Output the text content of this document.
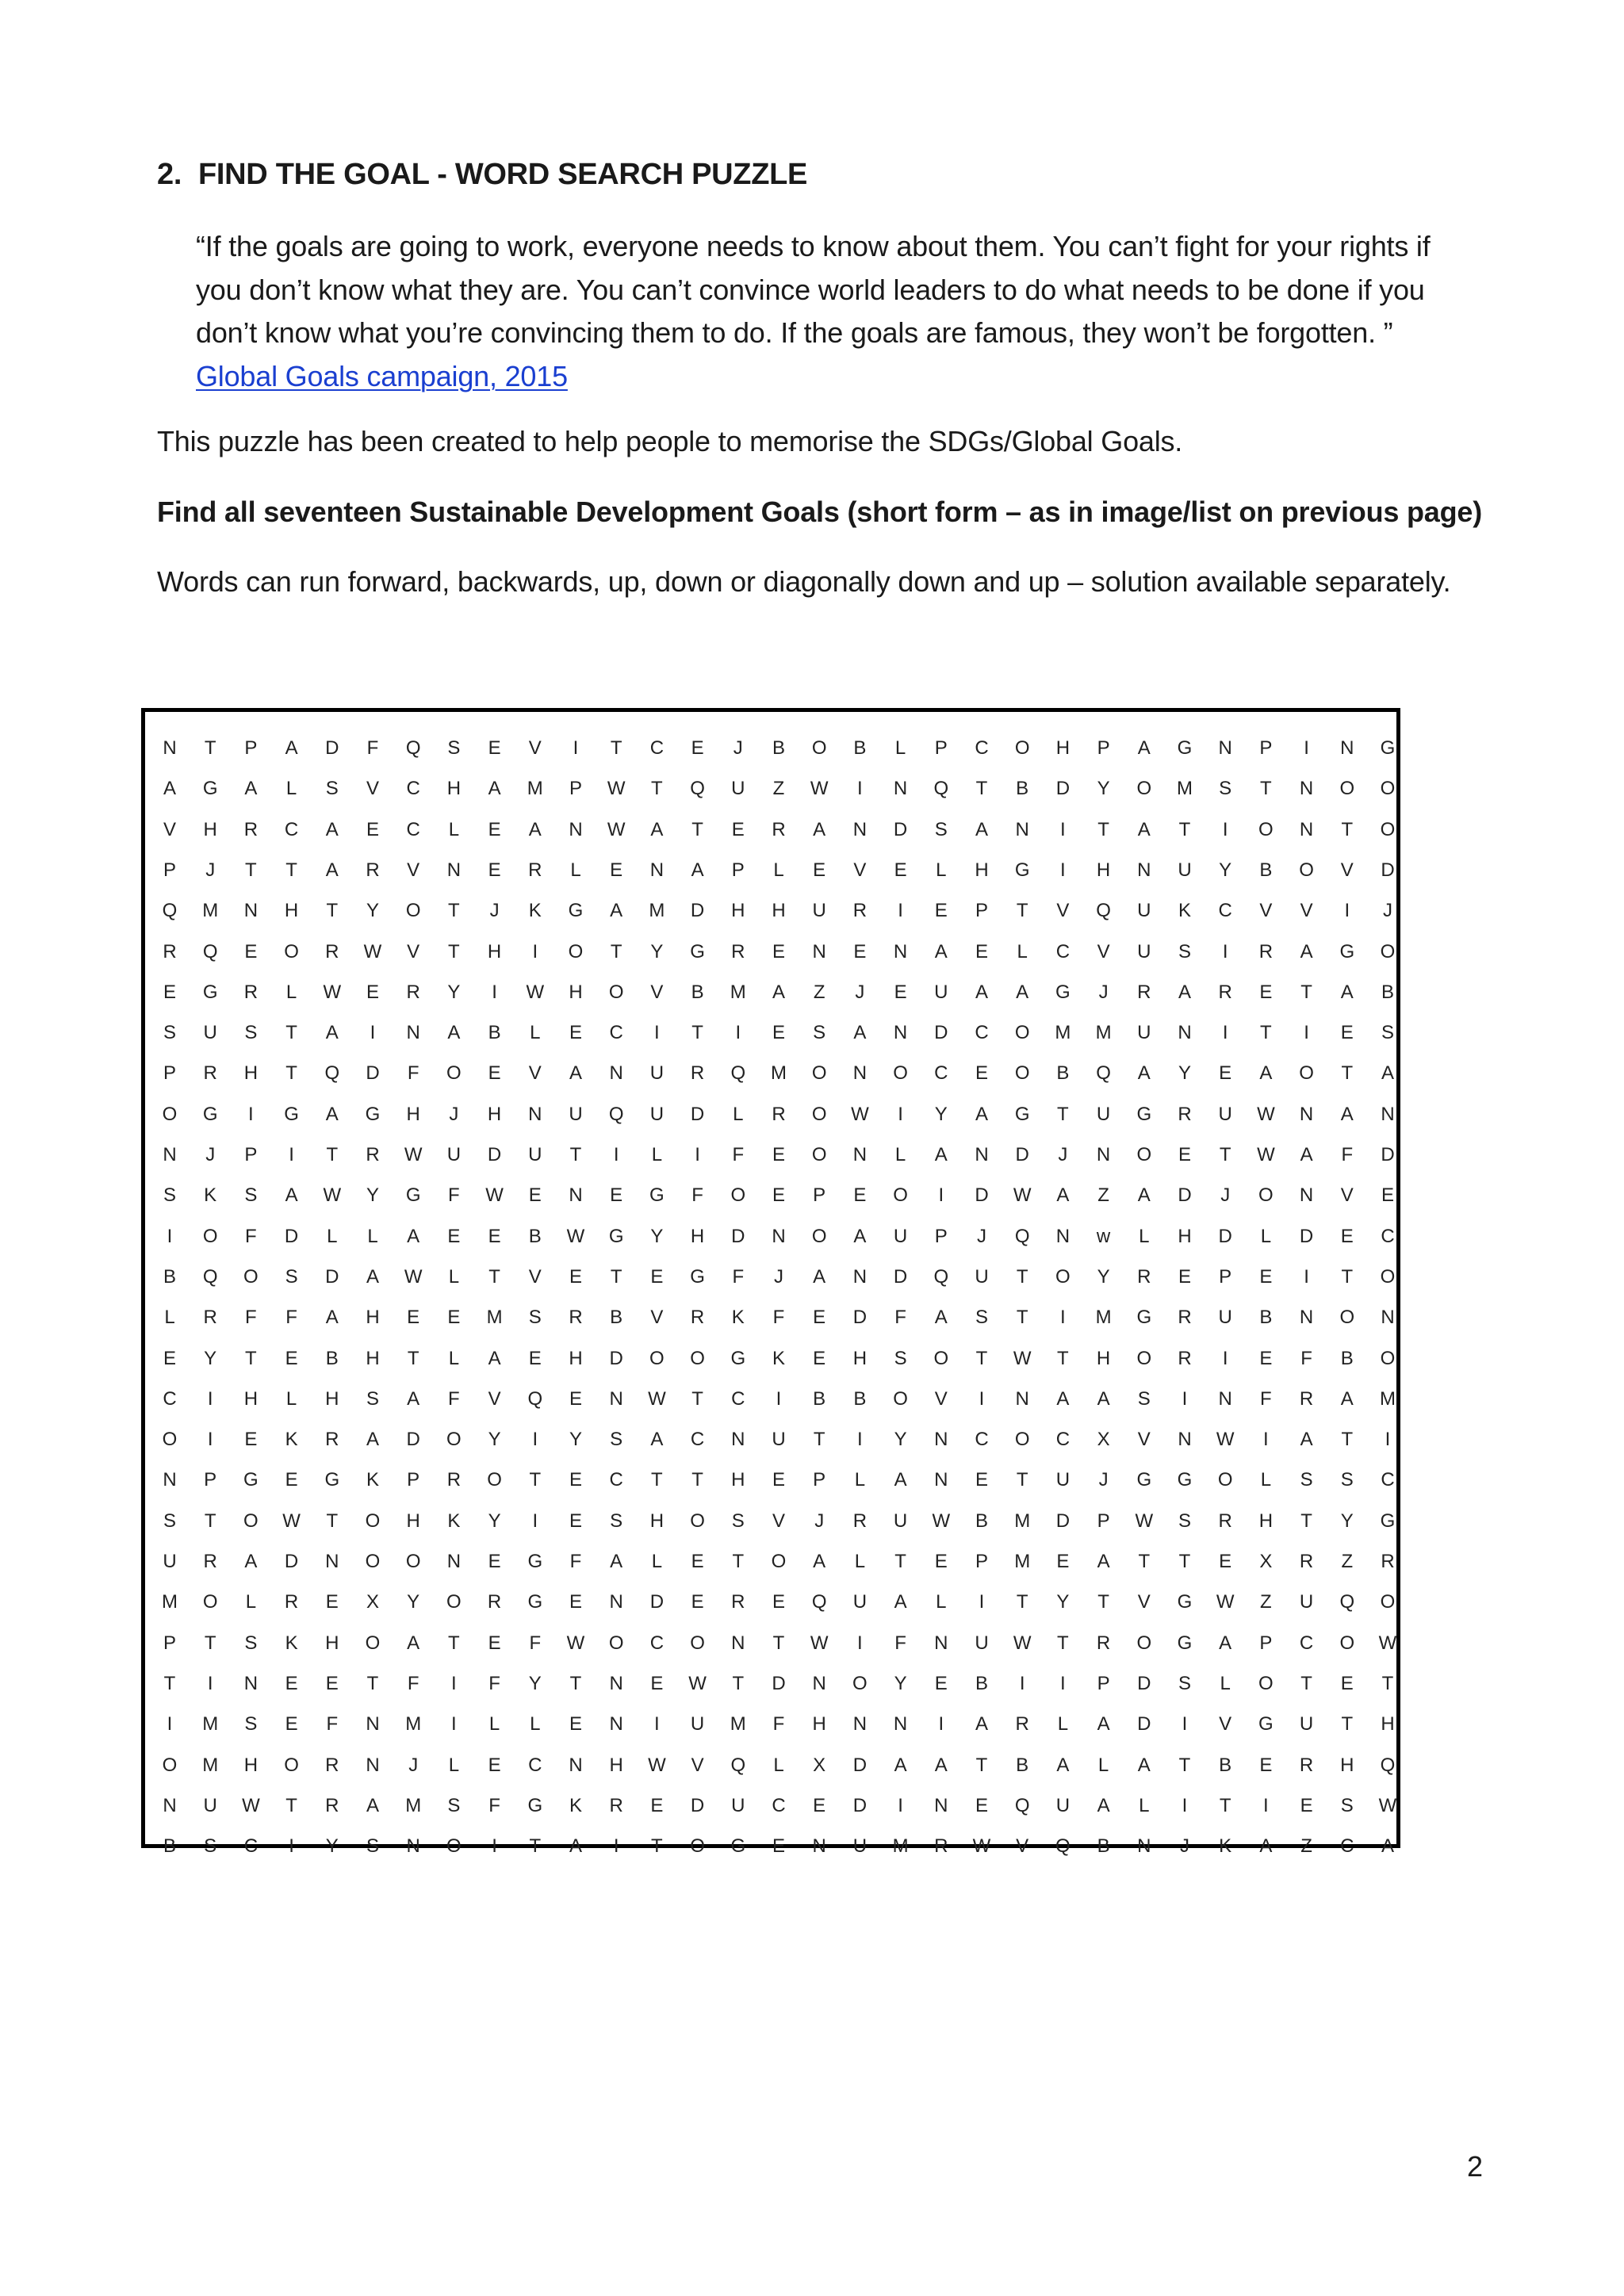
2. FIND THE GOAL - WORD SEARCH PUZZLE
“If the goals are going to work, everyone needs to know about them. You can’t fight for your rights if
you don’t know what they are. You can’t convince world leaders to do what needs to be done if you
don’t know what you’re convincing them to do. If the goals are famous, they won’t be forgotten. ”
Global Goals campaign, 2015
This puzzle has been created to help people to memorise the SDGs/Global Goals.
Find all seventeen Sustainable Development Goals (short form – as in image/list on previous page)
Words can run forward, backwards, up, down or diagonally down and up – solution available separately.
N	T	P	A	D	F	Q	S	E	V	I	T	C	E	J	B	O	B	L	P	C	O	H	P	A	G	N	P	I	N	G
A	G	A	L	S	V	C	H	A	M	P	W	T	Q	U	Z	W	I	N	Q	T	B	D	Y	O	M	S	T	N	O	O
V	H	R	C	A	E	C	L	E	A	N	W	A	T	E	R	A	N	D	S	A	N	I	T	A	T	I	O	N	T	O
P	J	T	T	A	R	V	N	E	R	L	E	N	A	P	L	E	V	E	L	H	G	I	H	N	U	Y	B	O	V	D
Q	M	N	H	T	Y	O	T	J	K	G	A	M	D	H	H	U	R	I	E	P	T	V	Q	U	K	C	V	V	I	J
R	Q	E	O	R	W	V	T	H	I	O	T	Y	G	R	E	N	E	N	A	E	L	C	V	U	S	I	R	A	G	O
E	G	R	L	W	E	R	Y	I	W	H	O	V	B	M	A	Z	J	E	U	A	A	G	J	R	A	R	E	T	A	B
S	U	S	T	A	I	N	A	B	L	E	C	I	T	I	E	S	A	N	D	C	O	M	M	U	N	I	T	I	E	S
P	R	H	T	Q	D	F	O	E	V	A	N	U	R	Q	M	O	N	O	C	E	O	B	Q	A	Y	E	A	O	T	A
O	G	I	G	A	G	H	J	H	N	U	Q	U	D	L	R	O	W	I	Y	A	G	T	U	G	R	U	W	N	A	N
N	J	P	I	T	R	W	U	D	U	T	I	L	I	F	E	O	N	L	A	N	D	J	N	O	E	T	W	A	F	D
S	K	S	A	W	Y	G	F	W	E	N	E	G	F	O	E	P	E	O	I	D	W	A	Z	A	D	J	O	N	V	E
I	O	F	D	L	L	A	E	E	B	W	G	Y	H	D	N	O	A	U	P	J	Q	N	w	L	H	D	L	D	E	C
B	Q	O	S	D	A	W	L	T	V	E	T	E	G	F	J	A	N	D	Q	U	T	O	Y	R	E	P	E	I	T	O
L	R	F	F	A	H	E	E	M	S	R	B	V	R	K	F	E	D	F	A	S	T	I	M	G	R	U	B	N	O	N
E	Y	T	E	B	H	T	L	A	E	H	D	O	O	G	K	E	H	S	O	T	W	T	H	O	R	I	E	F	B	O
C	I	H	L	H	S	A	F	V	Q	E	N	W	T	C	I	B	B	O	V	I	N	A	A	S	I	N	F	R	A	M
O	I	E	K	R	A	D	O	Y	I	Y	S	A	C	N	U	T	I	Y	N	C	O	C	X	V	N	W	I	A	T	I
N	P	G	E	G	K	P	R	O	T	E	C	T	T	H	E	P	L	A	N	E	T	U	J	G	G	O	L	S	S	C
S	T	O	W	T	O	H	K	Y	I	E	S	H	O	S	V	J	R	U	W	B	M	D	P	W	S	R	H	T	Y	G
U	R	A	D	N	O	O	N	E	G	F	A	L	E	T	O	A	L	T	E	P	M	E	A	T	T	E	X	R	Z	R
M	O	L	R	E	X	Y	O	R	G	E	N	D	E	R	E	Q	U	A	L	I	T	Y	T	V	G	W	Z	U	Q	O
P	T	S	K	H	O	A	T	E	F	W	O	C	O	N	T	W	I	F	N	U	W	T	R	O	G	A	P	C	O	W
T	I	N	E	E	T	F	I	F	Y	T	N	E	W	T	D	N	O	Y	E	B	I	I	P	D	S	L	O	T	E	T
I	M	S	E	F	N	M	I	L	L	E	N	I	U	M	F	H	N	N	I	A	R	L	A	D	I	V	G	U	T	H
O	M	H	O	R	N	J	L	E	C	N	H	W	V	Q	L	X	D	A	A	T	B	A	L	A	T	B	E	R	H	Q
N	U	W	T	R	A	M	S	F	G	K	R	E	D	U	C	E	D	I	N	E	Q	U	A	L	I	T	I	E	S	W
B	S	C	I	Y	S	N	O	I	T	A	I	T	O	G	E	N	U	M	R	W	V	Q	B	N	J	K	A	Z	C	A
2
